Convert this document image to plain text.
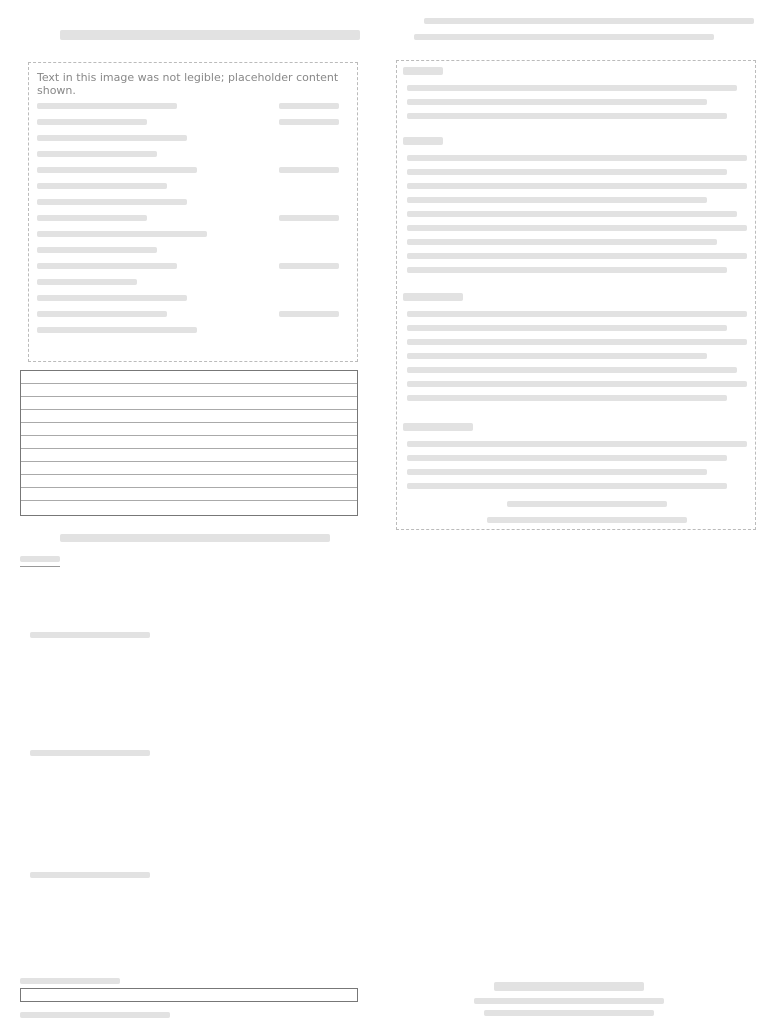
Text in this image was not legible; placeholder content shown.
